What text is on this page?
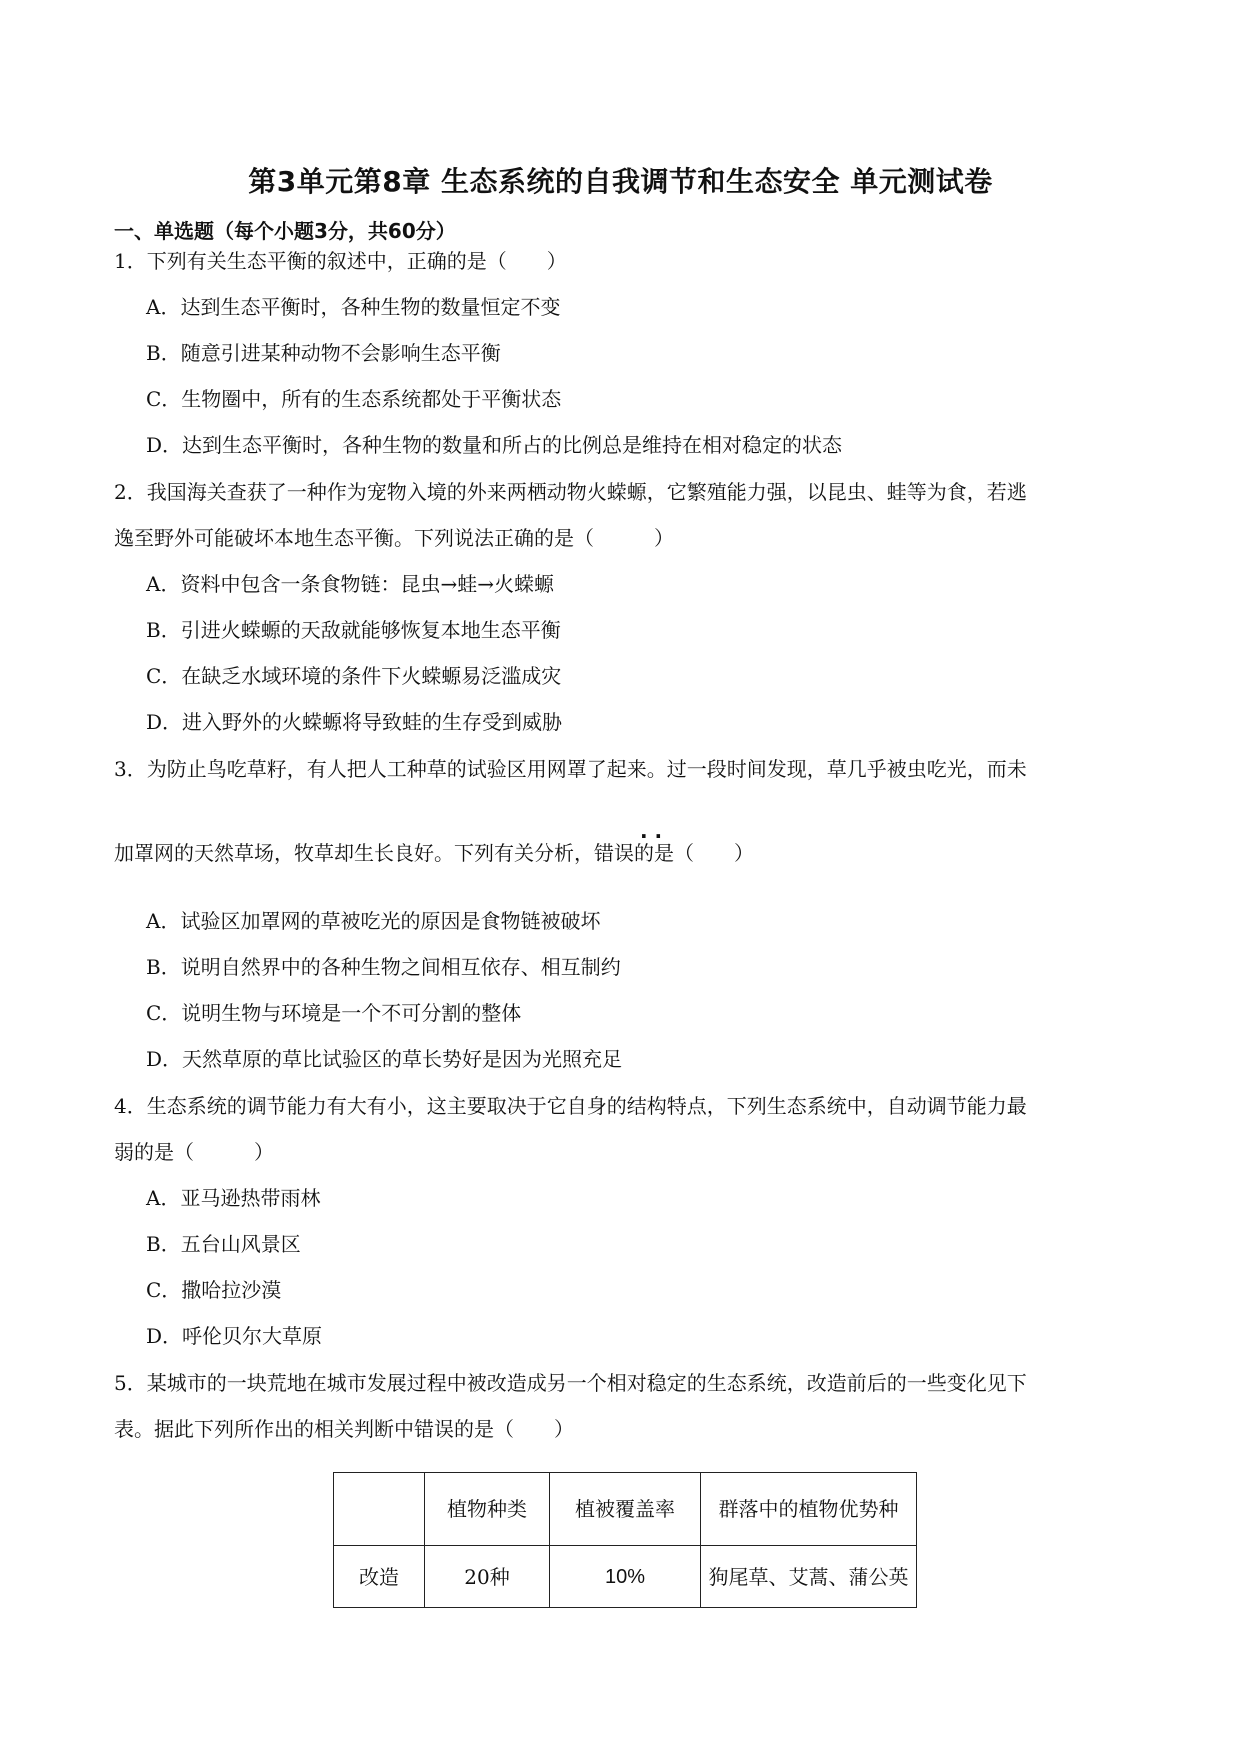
第3单元第8章 生态系统的自我调节和生态安全 单元测试卷
一、单选题（每个小题3分，共60分）
1．下列有关生态平衡的叙述中，正确的是（　　）
A．达到生态平衡时，各种生物的数量恒定不变
B．随意引进某种动物不会影响生态平衡
C．生物圈中，所有的生态系统都处于平衡状态
D．达到生态平衡时，各种生物的数量和所占的比例总是维持在相对稳定的状态
2．我国海关查获了一种作为宠物入境的外来两栖动物火蝾螈，它繁殖能力强，以昆虫、蛙等为食，若逃
逸至野外可能破坏本地生态平衡。下列说法正确的是（　　　）
A．资料中包含一条食物链：昆虫→蛙→火蝾螈
B．引进火蝾螈的天敌就能够恢复本地生态平衡
C．在缺乏水域环境的条件下火蝾螈易泛滥成灾
D．进入野外的火蝾螈将导致蛙的生存受到威胁
3．为防止鸟吃草籽，有人把人工种草的试验区用网罩了起来。过一段时间发现，草几乎被虫吃光，而未
· ·
加罩网的天然草场，牧草却生长良好。下列有关分析，错误的是（　　）
A．试验区加罩网的草被吃光的原因是食物链被破坏
B．说明自然界中的各种生物之间相互依存、相互制约
C．说明生物与环境是一个不可分割的整体
D．天然草原的草比试验区的草长势好是因为光照充足
4．生态系统的调节能力有大有小，这主要取决于它自身的结构特点，下列生态系统中，自动调节能力最
弱的是（　　　）
A．亚马逊热带雨林
B．五台山风景区
C．撒哈拉沙漠
D．呼伦贝尔大草原
5．某城市的一块荒地在城市发展过程中被改造成另一个相对稳定的生态系统，改造前后的一些变化见下
表。据此下列所作出的相关判断中错误的是（　　）
	植物种类	植被覆盖率	群落中的植物优势种
改造	20种	10%	狗尾草、艾蒿、蒲公英
